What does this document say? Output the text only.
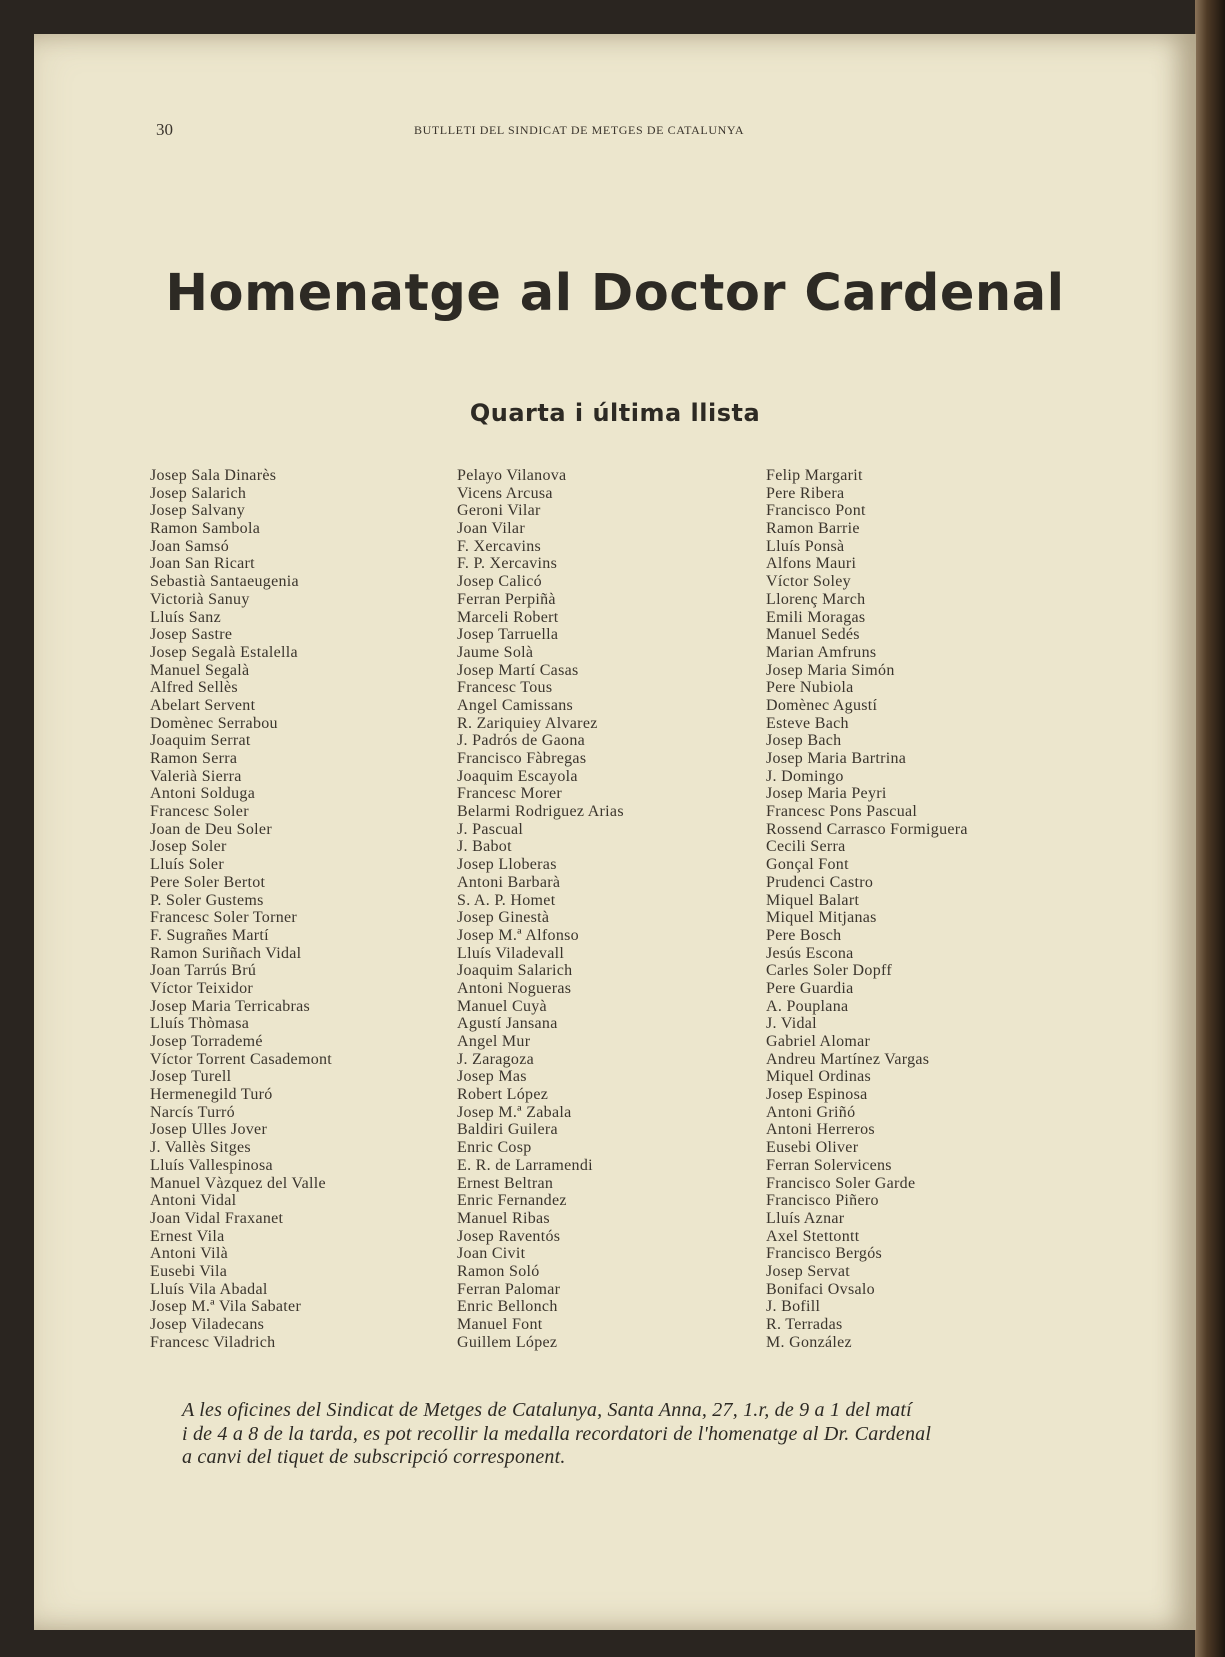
30	BUTLLETI DEL SINDICAT DE METGES DE CATALUNYA
Homenatge al Doctor Cardenal
Quarta i última llista
Josep Sala Dinarès
Josep Salarich
Josep Salvany
Ramon Sambola
Joan Samsó
Joan San Ricart
Sebastià Santaeugenia
Victorià Sanuy
Lluís Sanz
Josep Sastre
Josep Segalà Estalella
Manuel Segalà
Alfred Sellès
Abelart Servent
Domènec Serrabou
Joaquim Serrat
Ramon Serra
Valerià Sierra
Antoni Solduga
Francesc Soler
Joan de Deu Soler
Josep Soler
Lluís Soler
Pere Soler Bertot
P. Soler Gustems
Francesc Soler Torner
F. Sugrañes Martí
Ramon Suriñach Vidal
Joan Tarrús Brú
Víctor Teixidor
Josep Maria Terricabras
Lluís Thòmasa
Josep Torrademé
Víctor Torrent Casademont
Josep Turell
Hermenegild Turó
Narcís Turró
Josep Ulles Jover
J. Vallès Sitges
Lluís Vallespinosa
Manuel Vàzquez del Valle
Antoni Vidal
Joan Vidal Fraxanet
Ernest Vila
Antoni Vilà
Eusebi Vila
Lluís Vila Abadal
Josep M.ª Vila Sabater
Josep Viladecans
Francesc Viladrich
Pelayo Vilanova
Vicens Arcusa
Geroni Vilar
Joan Vilar
F. Xercavins
F. P. Xercavins
Josep Calicó
Ferran Perpiñà
Marceli Robert
Josep Tarruella
Jaume Solà
Josep Martí Casas
Francesc Tous
Angel Camissans
R. Zariquiey Alvarez
J. Padrós de Gaona
Francisco Fàbregas
Joaquim Escayola
Francesc Morer
Belarmi Rodriguez Arias
J. Pascual
J. Babot
Josep Lloberas
Antoni Barbarà
S. A. P. Homet
Josep Ginestà
Josep M.ª Alfonso
Lluís Viladevall
Joaquim Salarich
Antoni Nogueras
Manuel Cuyà
Agustí Jansana
Angel Mur
J. Zaragoza
Josep Mas
Robert López
Josep M.ª Zabala
Baldiri Guilera
Enric Cosp
E. R. de Larramendi
Ernest Beltran
Enric Fernandez
Manuel Ribas
Josep Raventós
Joan Civit
Ramon Soló
Ferran Palomar
Enric Bellonch
Manuel Font
Guillem López
Felip Margarit
Pere Ribera
Francisco Pont
Ramon Barrie
Lluís Ponsà
Alfons Mauri
Víctor Soley
Llorenç March
Emili Moragas
Manuel Sedés
Marian Amfruns
Josep Maria Simón
Pere Nubiola
Domènec Agustí
Esteve Bach
Josep Bach
Josep Maria Bartrina
J. Domingo
Josep Maria Peyri
Francesc Pons Pascual
Rossend Carrasco Formiguera
Cecili Serra
Gonçal Font
Prudenci Castro
Miquel Balart
Miquel Mitjanas
Pere Bosch
Jesús Escona
Carles Soler Dopff
Pere Guardia
A. Pouplana
J. Vidal
Gabriel Alomar
Andreu Martínez Vargas
Miquel Ordinas
Josep Espinosa
Antoni Griñó
Antoni Herreros
Eusebi Oliver
Ferran Solervicens
Francisco Soler Garde
Francisco Piñero
Lluís Aznar
Axel Stettontt
Francisco Bergós
Josep Servat
Bonifaci Ovsalo
J. Bofill
R. Terradas
M. González

A les oficines del Sindicat de Metges de Catalunya, Santa Anna, 27, 1.r, de 9 a 1 del matí
i de 4 a 8 de la tarda, es pot recollir la medalla recordatori de l'homenatge al Dr. Cardenal
a canvi del tiquet de subscripció corresponent.
